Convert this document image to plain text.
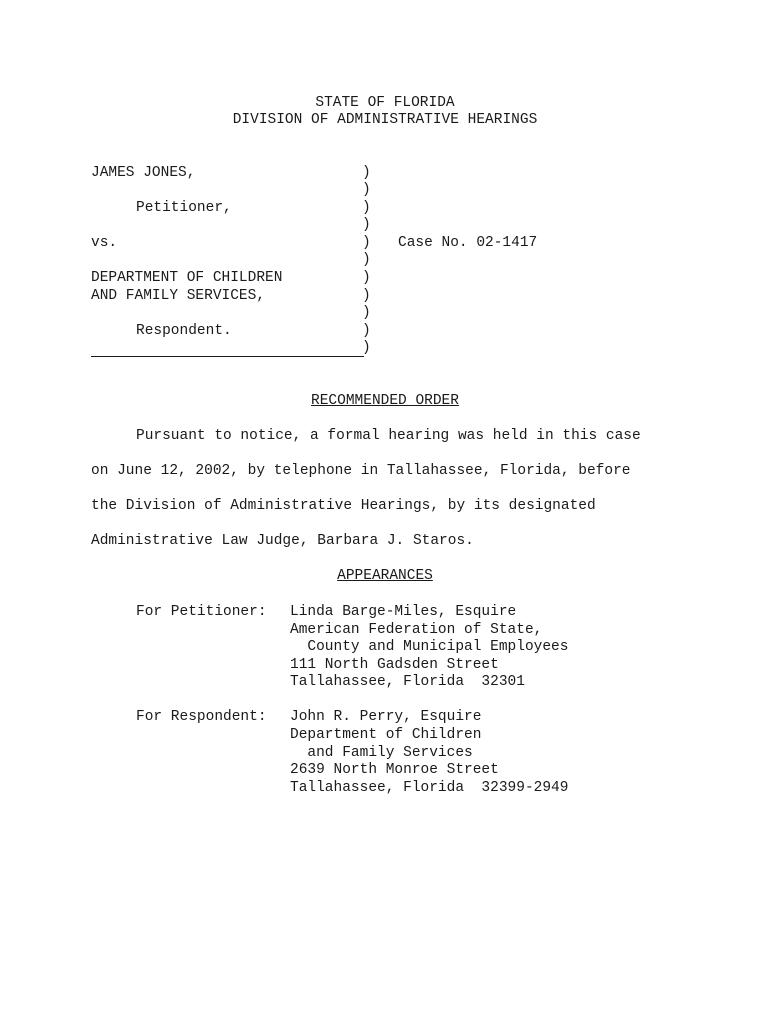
STATE OF FLORIDA
DIVISION OF ADMINISTRATIVE HEARINGS
JAMES JONES,
Petitioner,
vs.
DEPARTMENT OF CHILDREN
AND FAMILY SERVICES,
Respondent.
)
)
)
)
)
)
)
)
)
)
)
Case No. 02-1417
RECOMMENDED ORDER
Pursuant to notice, a formal hearing was held in this case
on June 12, 2002, by telephone in Tallahassee, Florida, before
the Division of Administrative Hearings, by its designated
Administrative Law Judge, Barbara J. Staros.
APPEARANCES
For Petitioner: Linda Barge-Miles, Esquire
American Federation of State,
County and Municipal Employees
111 North Gadsden Street
Tallahassee, Florida  32301
For Respondent: John R. Perry, Esquire
Department of Children
and Family Services
2639 North Monroe Street
Tallahassee, Florida  32399-2949
